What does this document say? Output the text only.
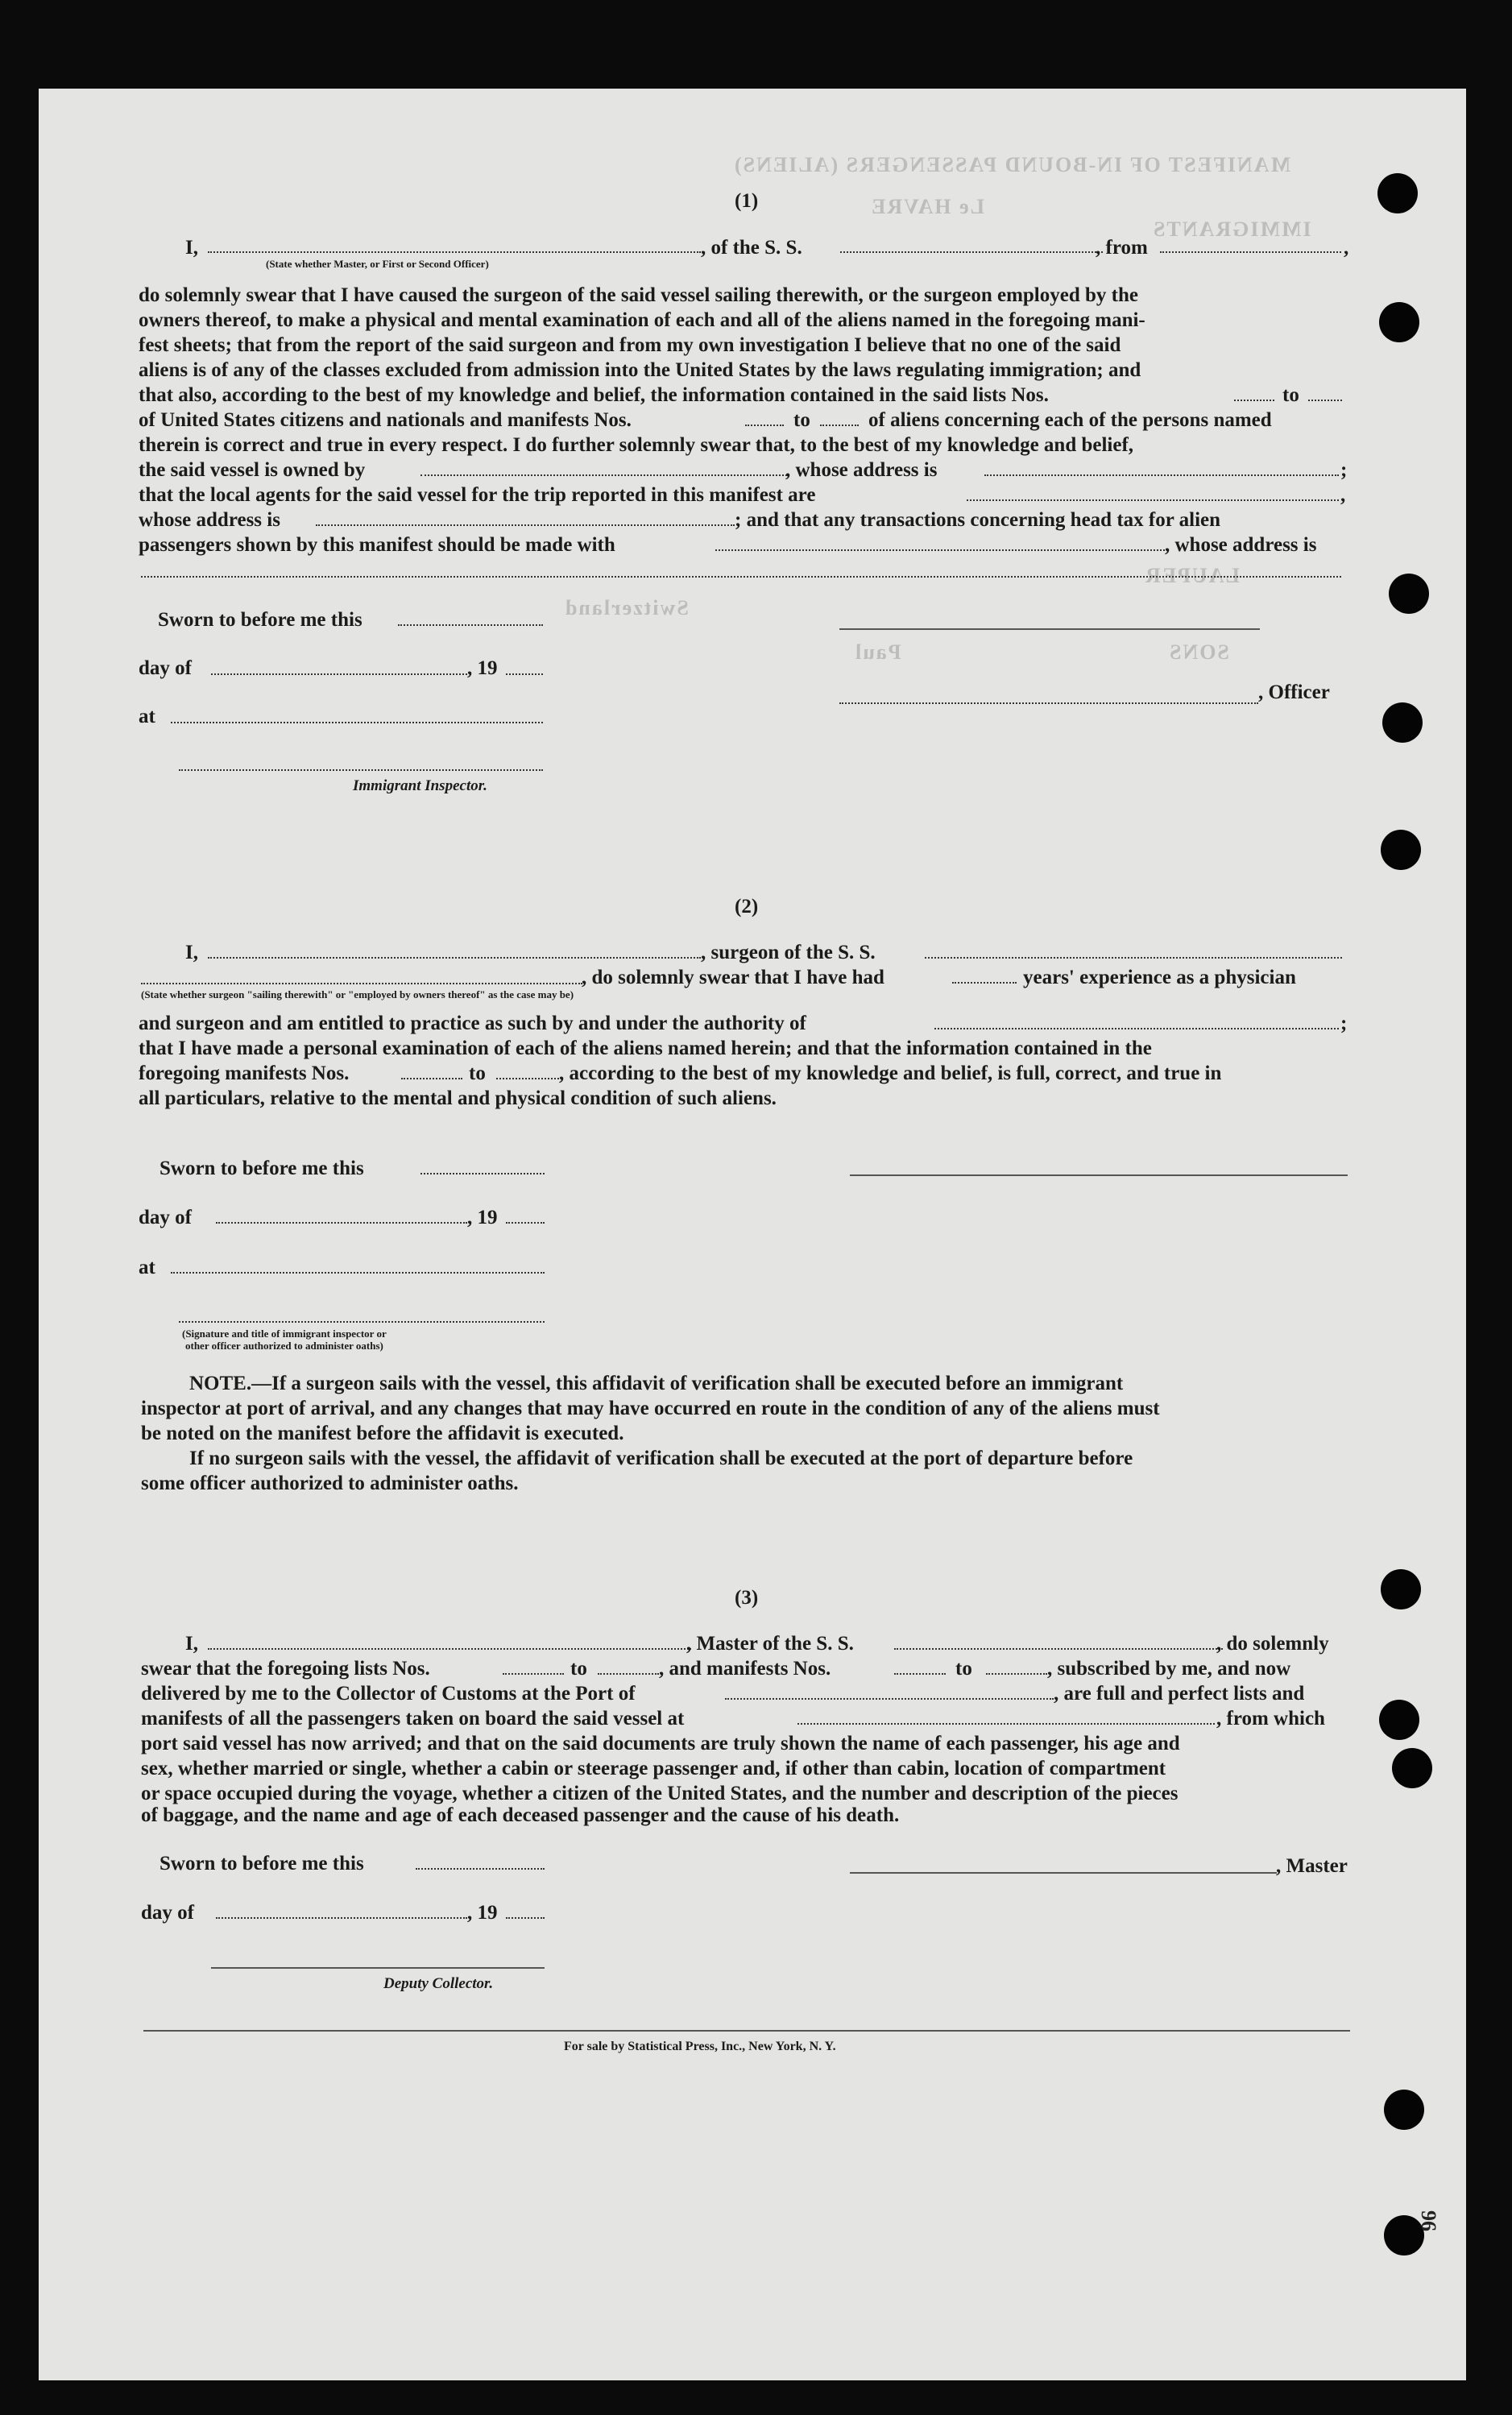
MANIFEST OF IN-BOUND PASSENGERS (ALIENS)
Le HAVRE
IMMIGRANTS
LAUPER
Paul
Switzerland
SONS
(1)
I,
(State whether Master, or First or Second Officer)
, of the S. S.	, from	,
do solemnly swear that I have caused the surgeon of the said vessel sailing therewith, or the surgeon employed by the
owners thereof, to make a physical and mental examination of each and all of the aliens named in the foregoing mani-
fest sheets; that from the report of the said surgeon and from my own investigation I believe that no one of the said
aliens is of any of the classes excluded from admission into the United States by the laws regulating immigration; and
that also, according to the best of my knowledge and belief, the information contained in the said lists Nos.	to
of United States citizens and nationals and manifests Nos.	to	of aliens concerning each of the persons named
therein is correct and true in every respect. I do further solemnly swear that, to the best of my knowledge and belief,
the said vessel is owned by	, whose address is	;
that the local agents for the said vessel for the trip reported in this manifest are	,
whose address is	; and that any transactions concerning head tax for alien
passengers shown by this manifest should be made with	, whose address is
Sworn to before me this
day of	, 19
, Officer
at
Immigrant Inspector.
(2)
I,	, surgeon of the S. S.
(State whether surgeon "sailing therewith" or "employed by owners thereof" as the case may be)
, do solemnly swear that I have had	years' experience as a physician
and surgeon and am entitled to practice as such by and under the authority of	;
that I have made a personal examination of each of the aliens named herein; and that the information contained in the
foregoing manifests Nos.	to	, according to the best of my knowledge and belief, is full, correct, and true in
all particulars, relative to the mental and physical condition of such aliens.
Sworn to before me this
day of	, 19
at
(Signature and title of immigrant inspector or
other officer authorized to administer oaths)
NOTE.—If a surgeon sails with the vessel, this affidavit of verification shall be executed before an immigrant
inspector at port of arrival, and any changes that may have occurred en route in the condition of any of the aliens must
be noted on the manifest before the affidavit is executed.
If no surgeon sails with the vessel, the affidavit of verification shall be executed at the port of departure before
some officer authorized to administer oaths.
(3)
I,	, Master of the S. S.	, do solemnly
swear that the foregoing lists Nos.	to	, and manifests Nos.	to	, subscribed by me, and now
delivered by me to the Collector of Customs at the Port of	, are full and perfect lists and
manifests of all the passengers taken on board the said vessel at	, from which
port said vessel has now arrived; and that on the said documents are truly shown the name of each passenger, his age and
sex, whether married or single, whether a cabin or steerage passenger and, if other than cabin, location of compartment
or space occupied during the voyage, whether a citizen of the United States, and the number and description of the pieces
of baggage, and the name and age of each deceased passenger and the cause of his death.
Sworn to before me this	, Master
day of	, 19
Deputy Collector.
For sale by Statistical Press, Inc., New York, N. Y.
96
